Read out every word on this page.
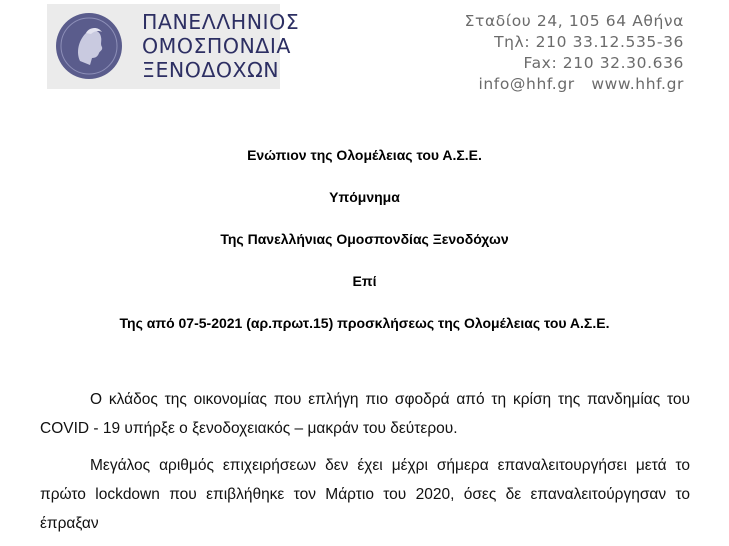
ΠΑΝΕΛΛΗΝΙΟΣ
ΟΜΟΣΠΟΝΔΙΑ
ΞΕΝΟΔΟΧΩΝ
Σταδίου 24, 105 64 Αθήνα
Τηλ: 210 33.12.535-36
Fax: 210 32.30.636
info@hhf.gr www.hhf.gr
Ενώπιον της Ολομέλειας του Α.Σ.Ε.
Υπόμνημα
Της Πανελλήνιας Ομοσπονδίας Ξενοδόχων
Επί
Της από 07-5-2021 (αρ.πρωτ.15) προσκλήσεως της Ολομέλειας του Α.Σ.Ε.

Ο κλάδος της οικονομίας που επλήγη πιο σφοδρά από τη κρίση της πανδημίας του COVID - 19 υπήρξε ο ξενοδοχειακός – μακράν του δεύτερου.

Μεγάλος αριθμός επιχειρήσεων δεν έχει μέχρι σήμερα επαναλειτουργήσει μετά το πρώτο lockdown που επιβλήθηκε τον Μάρτιο του 2020, όσες δε επαναλειτούργησαν το έπραξαν
